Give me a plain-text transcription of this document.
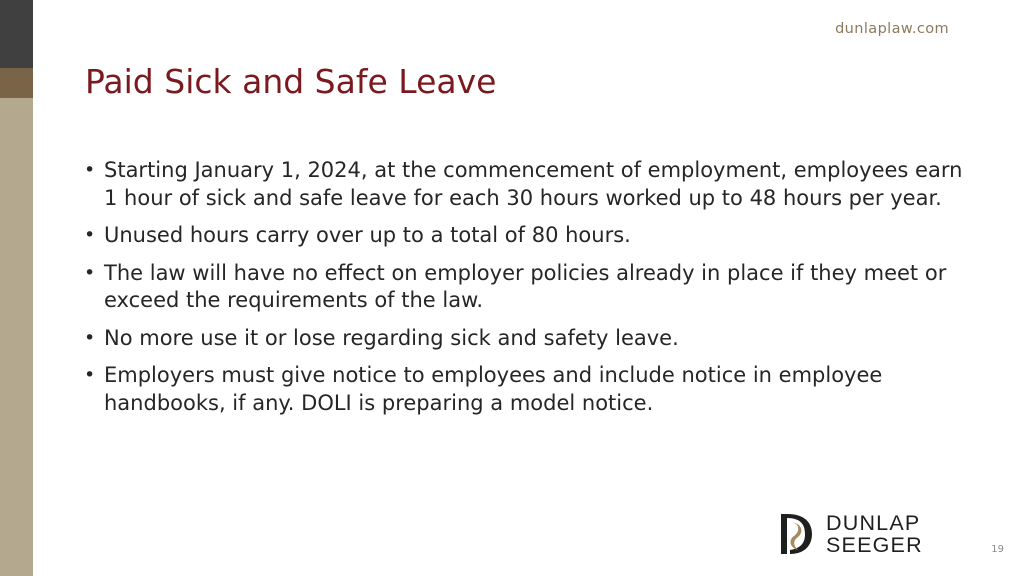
dunlaplaw.com
Paid Sick and Safe Leave
• Starting January 1, 2024, at the commencement of employment, employees earn 1 hour of sick and safe leave for each 30 hours worked up to 48 hours per year.
• Unused hours carry over up to a total of 80 hours.
• The law will have no effect on employer policies already in place if they meet or exceed the requirements of the law.
• No more use it or lose regarding sick and safety leave.
• Employers must give notice to employees and include notice in employee handbooks, if any. DOLI is preparing a model notice.
DUNLAP
SEEGER	19
